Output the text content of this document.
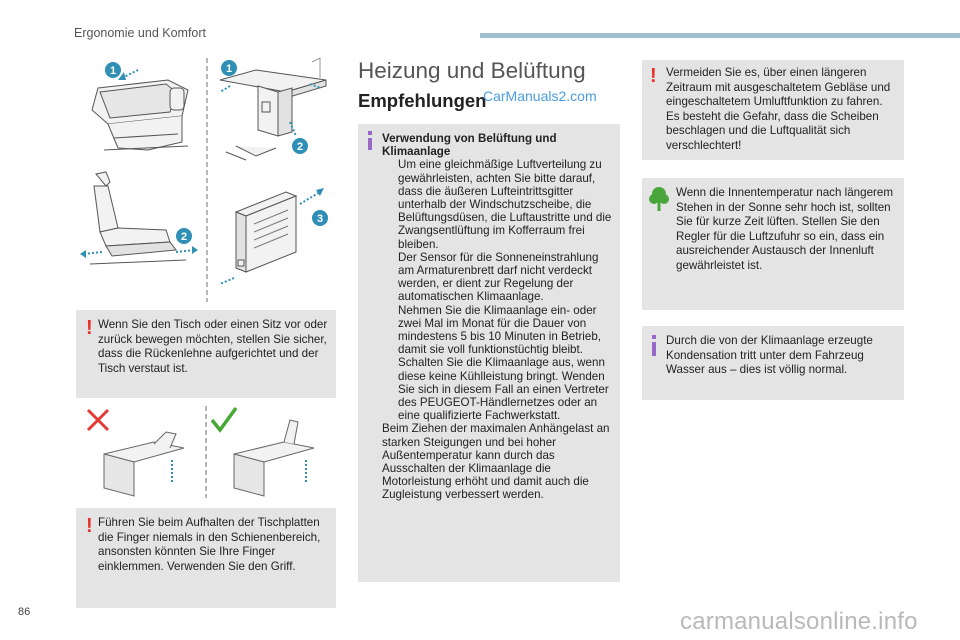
Ergonomie und Komfort
1	1
2
2
3
! Wenn Sie den Tisch oder einen Sitz vor oder zurück bewegen möchten, stellen Sie sicher, dass die Rückenlehne aufgerichtet und der Tisch verstaut ist.
! Führen Sie beim Aufhalten der Tischplatten die Finger niemals in den Schienenbereich, ansonsten könnten Sie Ihre Finger einklemmen. Verwenden Sie den Griff.
Heizung und Belüftung
Empfehlungen
CarManuals2.com
Verwendung von Belüftung und Klimaanlage
Um eine gleichmäßige Luftverteilung zu gewährleisten, achten Sie bitte darauf, dass die äußeren Lufteintrittsgitter unterhalb der Windschutzscheibe, die Belüftungsdüsen, die Luftaustritte und die Zwangsentlüftung im Kofferraum frei bleiben.
Der Sensor für die Sonneneinstrahlung am Armaturenbrett darf nicht verdeckt werden, er dient zur Regelung der automatischen Klimaanlage.
Nehmen Sie die Klimaanlage ein- oder zwei Mal im Monat für die Dauer von mindestens 5 bis 10 Minuten in Betrieb, damit sie voll funktionstüchtig bleibt.
Schalten Sie die Klimaanlage aus, wenn diese keine Kühlleistung bringt. Wenden Sie sich in diesem Fall an einen Vertreter des PEUGEOT-Händlernetzes oder an eine qualifizierte Fachwerkstatt.
Beim Ziehen der maximalen Anhängelast an starken Steigungen und bei hoher Außentemperatur kann durch das Ausschalten der Klimaanlage die Motorleistung erhöht und damit auch die Zugleistung verbessert werden.
! Vermeiden Sie es, über einen längeren Zeitraum mit ausgeschaltetem Gebläse und eingeschaltetem Umluftfunktion zu fahren. Es besteht die Gefahr, dass die Scheiben beschlagen und die Luftqualität sich verschlechtert!
Wenn die Innentemperatur nach längerem Stehen in der Sonne sehr hoch ist, sollten Sie für kurze Zeit lüften. Stellen Sie den Regler für die Luftzufuhr so ein, dass ein ausreichender Austausch der Innenluft gewährleistet ist.
Durch die von der Klimaanlage erzeugte Kondensation tritt unter dem Fahrzeug Wasser aus – dies ist völlig normal.
86	carmanualsonline.info
